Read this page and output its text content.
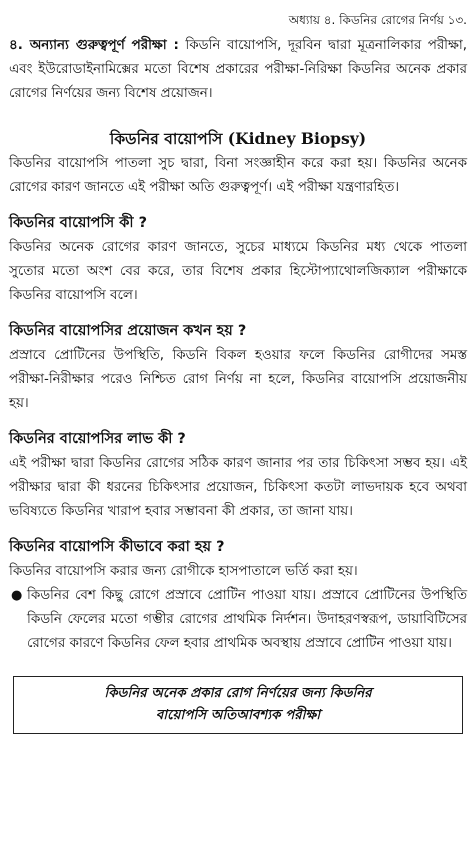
অধ্যায় ৪. কিডনির রোগের নির্ণয় ১৩.

৪. অন্যান্য গুরুত্বপূর্ণ পরীক্ষা : কিডনি বায়োপসি, দূরবিন দ্বারা মূত্রনালিকার পরীক্ষা, এবং ইউরোডাইনামিক্সের মতো বিশেষ প্রকারের পরীক্ষা-নিরিক্ষা কিডনির অনেক প্রকার রোগের নির্ণয়ের জন্য বিশেষ প্রয়োজন।

কিডনির বায়োপসি (Kidney Biopsy)

কিডনির বায়োপসি পাতলা সুচ দ্বারা, বিনা সংজ্ঞাহীন করে করা হয়। কিডনির অনেক রোগের কারণ জানতে এই পরীক্ষা অতি গুরুত্বপূর্ণ। এই পরীক্ষা যন্ত্রণারহিত।

কিডনির বায়োপসি কী ?

কিডনির অনেক রোগের কারণ জানতে, সুচের মাধ্যমে কিডনির মধ্য থেকে পাতলা সুতোর মতো অংশ বের করে, তার বিশেষ প্রকার হিস্টোপ্যাথোলজিক্যাল পরীক্ষাকে কিডনির বায়োপসি বলে।

কিডনির বায়োপসির প্রয়োজন কখন হয় ?

প্রস্রাবে প্রোটিনের উপস্থিতি, কিডনি বিকল হওয়ার ফলে কিডনির রোগীদের সমস্ত পরীক্ষা-নিরীক্ষার পরেও নিশ্চিত রোগ নির্ণয় না হলে, কিডনির বায়োপসি প্রয়োজনীয় হয়।

কিডনির বায়োপসির লাভ কী ?

এই পরীক্ষা দ্বারা কিডনির রোগের সঠিক কারণ জানার পর তার চিকিৎসা সম্ভব হয়। এই পরীক্ষার দ্বারা কী ধরনের চিকিৎসার প্রয়োজন, চিকিৎসা কতটা লাভদায়ক হবে অথবা ভবিষ্যতে কিডনির খারাপ হবার সম্ভাবনা কী প্রকার, তা জানা যায়।

কিডনির বায়োপসি কীভাবে করা হয় ?

কিডনির বায়োপসি করার জন্য রোগীকে হাসপাতালে ভর্তি করা হয়।

● কিডনির বেশ কিছু রোগে প্রস্রাবে প্রোটিন পাওয়া যায়। প্রস্রাবে প্রোটিনের উপস্থিতি কিডনি ফেলের মতো গম্ভীর রোগের প্রাথমিক নির্দশন। উদাহরণস্বরূপ, ডায়াবিটিসের রোগের কারণে কিডনির ফেল হবার প্রাথমিক অবস্থায় প্রস্রাবে প্রোটিন পাওয়া যায়।
কিডনির অনেক প্রকার রোগ নির্ণয়ের জন্য কিডনির
বায়োপসি অতিআবশ্যক পরীক্ষা
